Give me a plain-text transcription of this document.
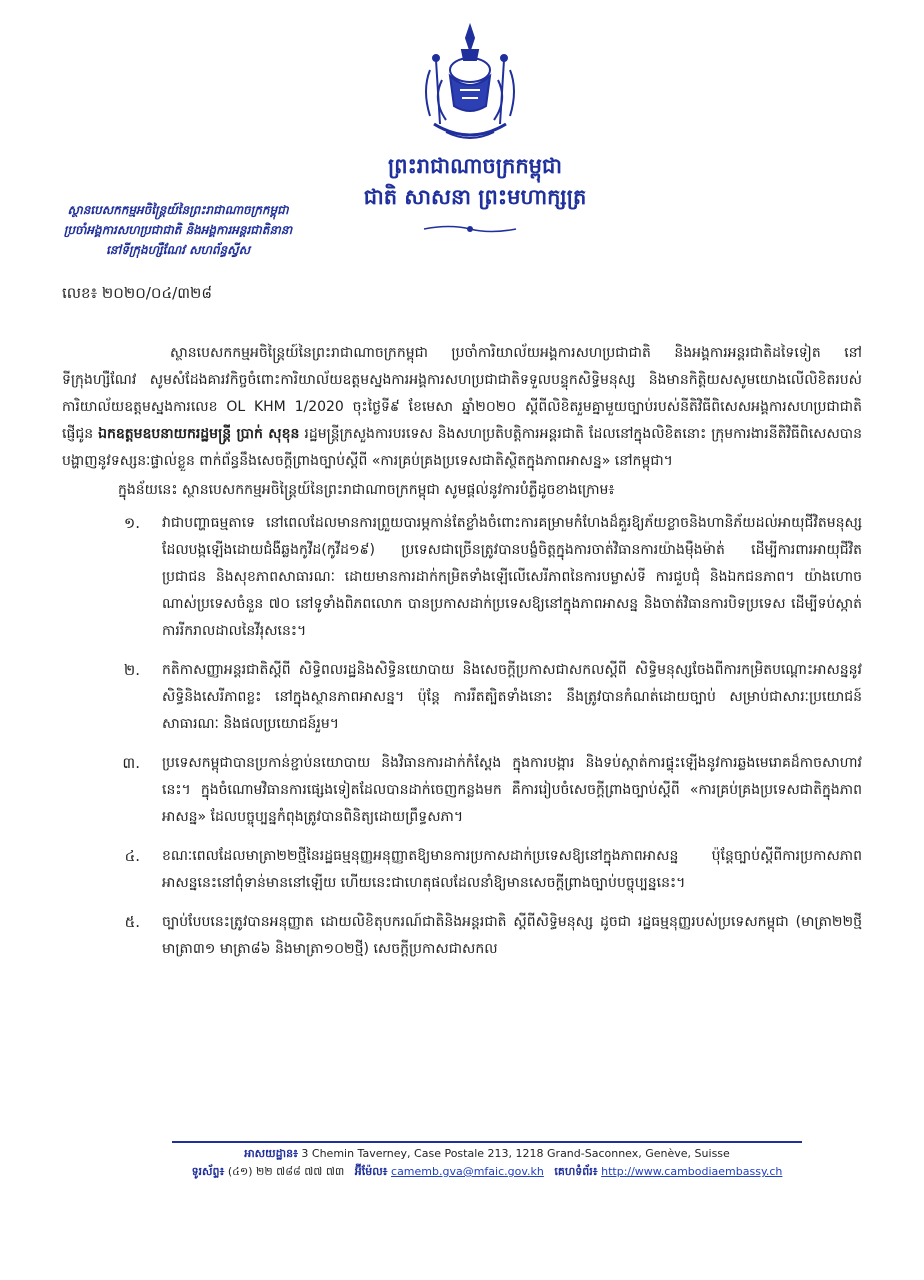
ព្រះរាជាណាចក្រកម្ពុជា
ជាតិ សាសនា ព្រះមហាក្សត្រ
ស្ថានបេសកកម្មអចិន្ត្រៃយ៍នៃព្រះរាជាណាចក្រកម្ពុជា
ប្រចាំអង្គការសហប្រជាជាតិ និងអង្គការអន្តរជាតិនានា
នៅទីក្រុងហ្សឺណែវ សហព័ន្ធស្វីស
លេខ៖ ២០២០/០៤/៣២៨

ស្ថានបេសកកម្មអចិន្ត្រៃយ៍នៃព្រះរាជាណាចក្រកម្ពុជា ប្រចាំការិយាល័យអង្គការសហប្រជាជាតិ និងអង្គការអន្តរជាតិដទៃទៀត នៅទីក្រុងហ្សឺណែវ សូមសំដែងគារវកិច្ចចំពោះការិយាល័យឧត្តមស្នងការអង្គការសហប្រជាជាតិទទួលបន្ទុកសិទ្ធិមនុស្ស និងមានកិត្តិយសសូមយោងលើលិខិតរបស់ការិយាល័យឧត្តមស្នងការលេខ OL KHM 1/2020 ចុះថ្ងៃទី៩ ខែមេសា ឆ្នាំ២០២០ ស្តីពីលិខិតរួមគ្នាមួយច្បាប់របស់នីតិវិធីពិសេសអង្គការសហប្រជាជាតិ ផ្ញើជូន ឯកឧត្តមឧបនាយករដ្ឋមន្ត្រី ប្រាក់ សុខុន រដ្ឋមន្ត្រីក្រសួងការបរទេស និងសហប្រតិបត្តិការអន្តរជាតិ ដែលនៅក្នុងលិខិតនោះ ក្រុមការងារនីតិវិធីពិសេសបានបង្ហាញនូវទស្សនៈផ្ទាល់ខ្លួន ពាក់ព័ន្ធនឹងសេចក្តីព្រាងច្បាប់ស្តីពី «ការគ្រប់គ្រងប្រទេសជាតិស្ថិតក្នុងភាពអាសន្ន» នៅកម្ពុជា។

ក្នុងន័យនេះ ស្ថានបេសកកម្មអចិន្ត្រៃយ៍នៃព្រះរាជាណាចក្រកម្ពុជា សូមផ្តល់នូវការបំភ្លឺដូចខាងក្រោម៖

១.	វាជាបញ្ហាធម្មតាទេ នៅពេលដែលមានការព្រួយបារម្ភកាន់តែខ្លាំងចំពោះការគម្រាមកំហែងដ៏គួរឱ្យភ័យខ្លាចនិងហានិភ័យដល់អាយុជីវិតមនុស្ស ដែលបង្កឡើងដោយជំងឺឆ្លងកូវីដ(កូវីដ១៩) ប្រទេសជាច្រើនត្រូវបានបង្ខំចិត្តក្នុងការចាត់វិធានការយ៉ាងម៉ឺងម៉ាត់ ដើម្បីការពារអាយុជីវិតប្រជាជន និងសុខភាពសាធារណៈ ដោយមានការដាក់កម្រិតទាំងឡើលើសេរីភាពនៃការបម្លាស់ទី ការជួបជុំ និងឯកជនភាព។ យ៉ាងហោចណាស់ប្រទេសចំនួន ៧០ នៅទូទាំងពិភពលោក បានប្រកាសដាក់ប្រទេសឱ្យនៅក្នុងភាពអាសន្ន និងចាត់វិធានការបិទប្រទេស ដើម្បីទប់ស្កាត់ការរីករាលដាលនៃវីរុសនេះ។
២.	កតិកាសញ្ញាអន្តរជាតិស្តីពី សិទ្ធិពលរដ្ឋនិងសិទ្ធិនយោបាយ និងសេចក្តីប្រកាសជាសកលស្តីពី សិទ្ធិមនុស្សចែងពីការកម្រិតបណ្តោះអាសន្ននូវសិទ្ធិនិងសេរីភាពខ្លះ នៅក្នុងស្ថានភាពអាសន្ន។ ប៉ុន្តែ ការរឹតត្បិតទាំងនោះ នឹងត្រូវបានកំណត់ដោយច្បាប់ សម្រាប់ជាសារៈប្រយោជន៍សាធារណៈ និងផលប្រយោជន៍រួម។
៣.	ប្រទេសកម្ពុជាបានប្រកាន់ខ្ជាប់នយោបាយ និងវិធានការដាក់កំស្តែង ក្នុងការបង្ការ និងទប់ស្កាត់ការផ្ទុះឡើងនូវការឆ្លងមេរោគដ៏កាចសាហាវនេះ។ ក្នុងចំណោមវិធានការផ្សេងទៀតដែលបានដាក់ចេញកន្លងមក គឺការរៀបចំសេចក្តីព្រាងច្បាប់ស្តីពី «ការគ្រប់គ្រងប្រទេសជាតិក្នុងភាពអាសន្ន» ដែលបច្ចុប្បន្នកំពុងត្រូវបានពិនិត្យដោយព្រឹទ្ធសភា។
៤.	ខណៈពេលដែលមាត្រា២២ថ្មីនៃរដ្ឋធម្មនុញ្ញអនុញ្ញាតឱ្យមានការប្រកាសដាក់ប្រទេសឱ្យនៅក្នុងភាពអាសន្ន ប៉ុន្តែច្បាប់ស្តីពីការប្រកាសភាពអាសន្ននេះនៅពុំទាន់មាននៅឡើយ ហើយនេះជាហេតុផលដែលនាំឱ្យមានសេចក្តីព្រាងច្បាប់បច្ចុប្បន្ននេះ។
៥.	ច្បាប់បែបនេះត្រូវបានអនុញ្ញាត ដោយលិខិតុបករណ៍ជាតិនិងអន្តរជាតិ ស្តីពីសិទ្ធិមនុស្ស ដូចជា រដ្ឋធម្មនុញ្ញរបស់ប្រទេសកម្ពុជា (មាត្រា២២ថ្មី មាត្រា៣១ មាត្រា៨៦ និងមាត្រា១០២ថ្មី) សេចក្តីប្រកាសជាសកល
អាសយដ្ឋាន៖ 3 Chemin Taverney, Case Postale 213, 1218 Grand-Saconnex, Genève, Suisse
ទូរស័ព្ទ៖ (៤១) ២២ ៧៨៨ ៧៧ ៧៣ អ៊ីម៉ែល៖ camemb.gva@mfaic.gov.kh គេហទំព័រ៖ http://www.cambodiaembassy.ch
